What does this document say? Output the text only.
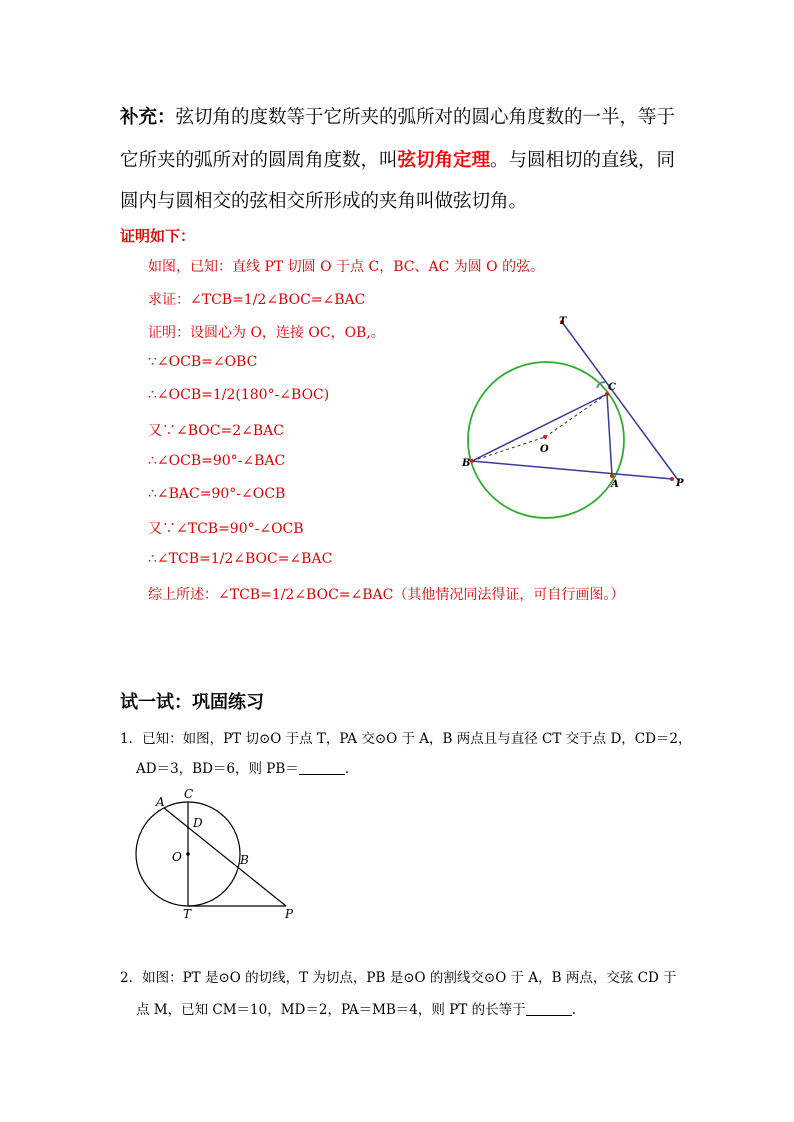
补充：弦切角的度数等于它所夹的弧所对的圆心角度数的一半，等于
它所夹的弧所对的圆周角度数，叫弦切角定理。与圆相切的直线，同
圆内与圆相交的弦相交所形成的夹角叫做弦切角。
证明如下：
如图，已知：直线 PT 切圆 O 于点 C，BC、AC 为圆 O 的弦。
求证：∠TCB=1/2∠BOC=∠BAC
证明：设圆心为 O，连接 OC，OB,。
∵∠OCB=∠OBC
∴∠OCB=1/2(180°-∠BOC)
又∵∠BOC=2∠BAC
∴∠OCB=90°-∠BAC
∴∠BAC=90°-∠OCB
又∵∠TCB=90°-∠OCB
∴∠TCB=1/2∠BOC=∠BAC
综上所述：∠TCB=1/2∠BOC=∠BAC（其他情况同法得证，可自行画图。）
T
C
O
B
A	P
试一试：巩固练习
1．已知：如图，PT 切⊙O 于点 T，PA 交⊙O 于 A，B 两点且与直径 CT 交于点 D，CD＝2，
AD＝3，BD＝6，则 PB＝	.
A
C
D
O	B
T	P
2．如图：PT 是⊙O 的切线，T 为切点，PB 是⊙O 的割线交⊙O 于 A，B 两点，交弦 CD 于
点 M，已知 CM＝10，MD＝2，PA＝MB＝4，则 PT 的长等于	.
